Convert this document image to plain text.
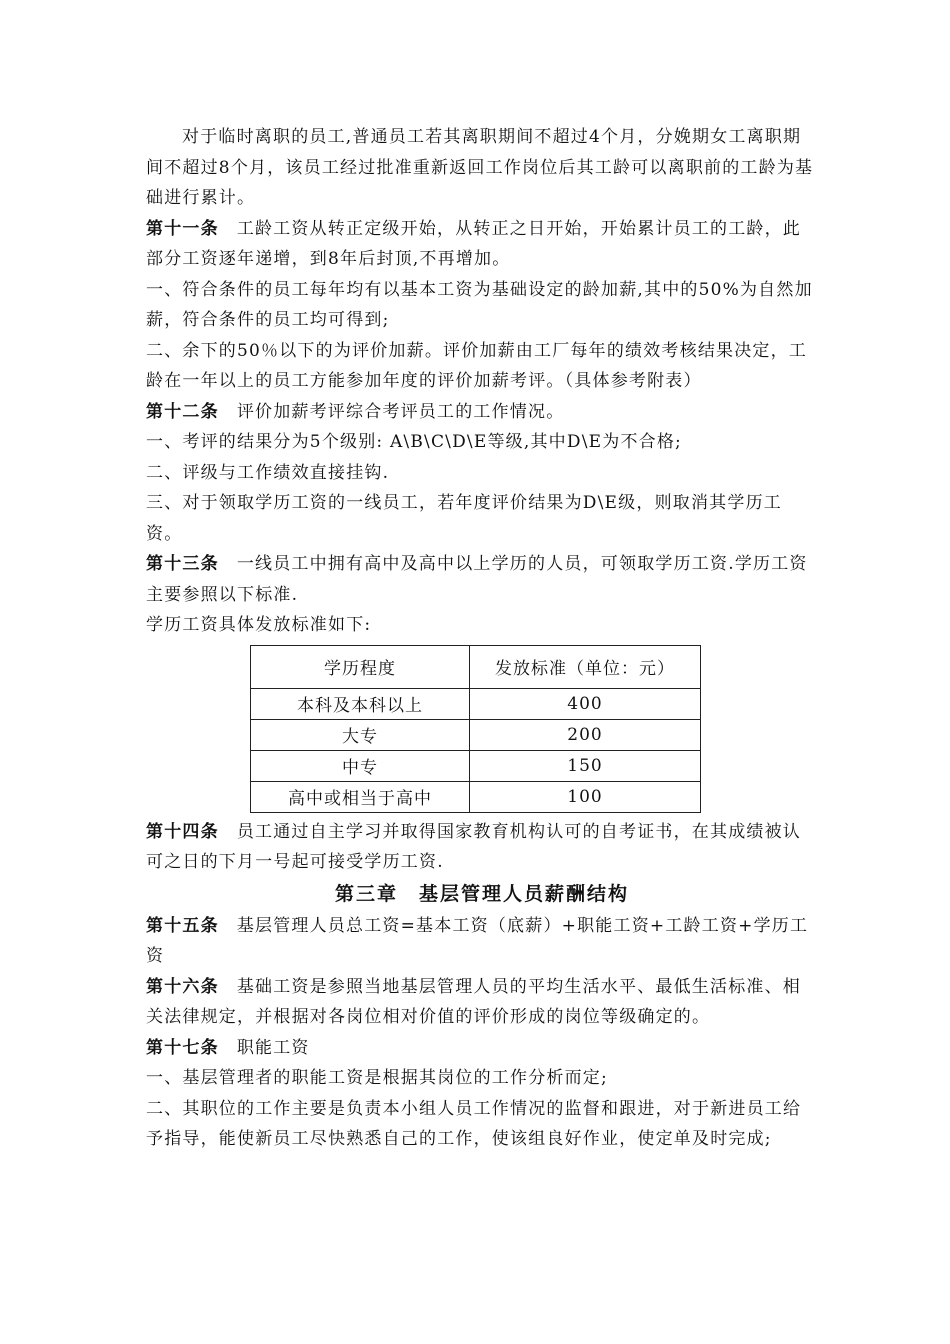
对于临时离职的员工,普通员工若其离职期间不超过4个月，分娩期女工离职期间不超过8个月，该员工经过批准重新返回工作岗位后其工龄可以离职前的工龄为基础进行累计。

第十一条 工龄工资从转正定级开始，从转正之日开始，开始累计员工的工龄，此部分工资逐年递增，到8年后封顶,不再增加。

一、符合条件的员工每年均有以基本工资为基础设定的龄加薪,其中的50%为自然加薪，符合条件的员工均可得到;

二、余下的50％以下的为评价加薪。评价加薪由工厂每年的绩效考核结果决定，工龄在一年以上的员工方能参加年度的评价加薪考评。（具体参考附表）

第十二条 评价加薪考评综合考评员工的工作情况。

一、考评的结果分为5个级别: A\B\C\D\E等级,其中D\E为不合格;

二、评级与工作绩效直接挂钩.

三、对于领取学历工资的一线员工，若年度评价结果为D\E级，则取消其学历工资。

第十三条 一线员工中拥有高中及高中以上学历的人员，可领取学历工资.学历工资主要参照以下标准.

学历工资具体发放标准如下:

学历程度	发放标准（单位：元）
本科及本科以上	400
大专	200
中专	150
高中或相当于高中	100

第十四条 员工通过自主学习并取得国家教育机构认可的自考证书，在其成绩被认可之日的下月一号起可接受学历工资.

第三章　基层管理人员薪酬结构

第十五条 基层管理人员总工资=基本工资（底薪）+职能工资+工龄工资+学历工资

第十六条 基础工资是参照当地基层管理人员的平均生活水平、最低生活标准、相关法律规定，并根据对各岗位相对价值的评价形成的岗位等级确定的。

第十七条 职能工资

一、基层管理者的职能工资是根据其岗位的工作分析而定;

二、其职位的工作主要是负责本小组人员工作情况的监督和跟进，对于新进员工给予指导，能使新员工尽快熟悉自己的工作，使该组良好作业，使定单及时完成;
